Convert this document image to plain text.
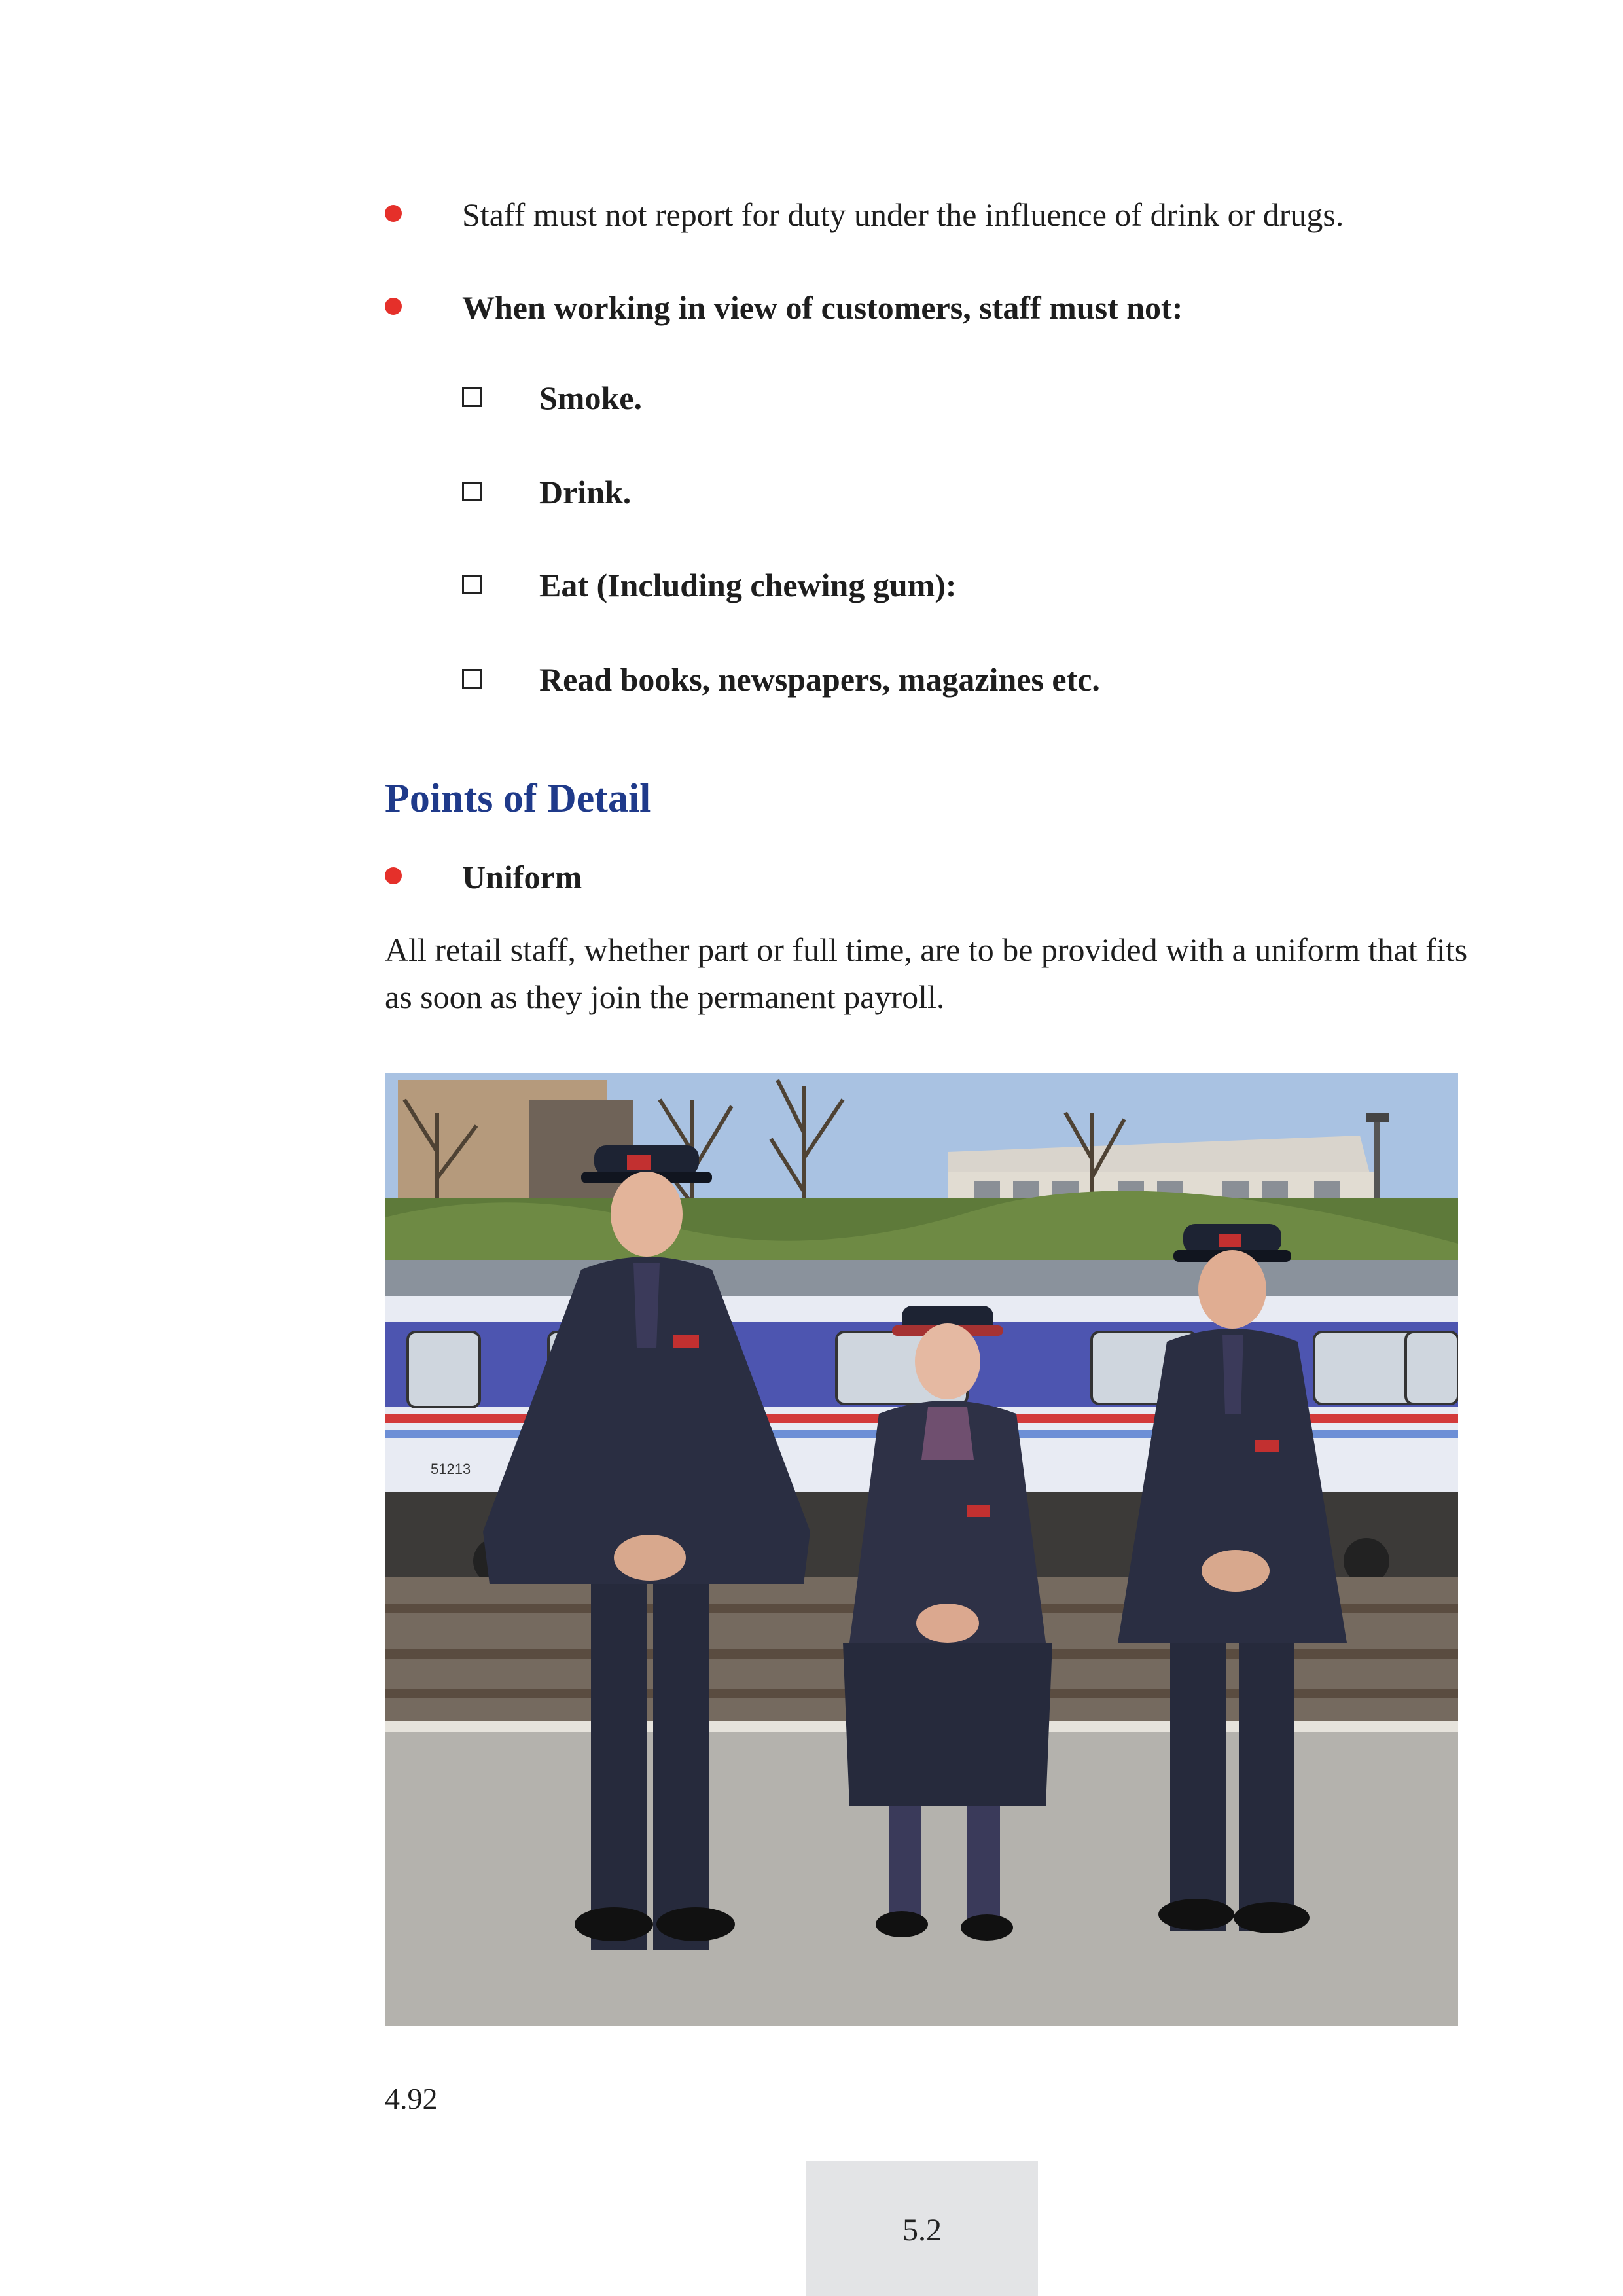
Staff must not report for duty under the influence of drink or drugs.
When working in view of customers, staff must not:
Smoke.
Drink.
Eat (Including chewing gum):
Read books, newspapers, magazines etc.
Points of Detail
Uniform
All retail staff, whether part or full time, are to be provided with a uniform that fits as soon as they join the permanent payroll.
51213
4.92
5.2
